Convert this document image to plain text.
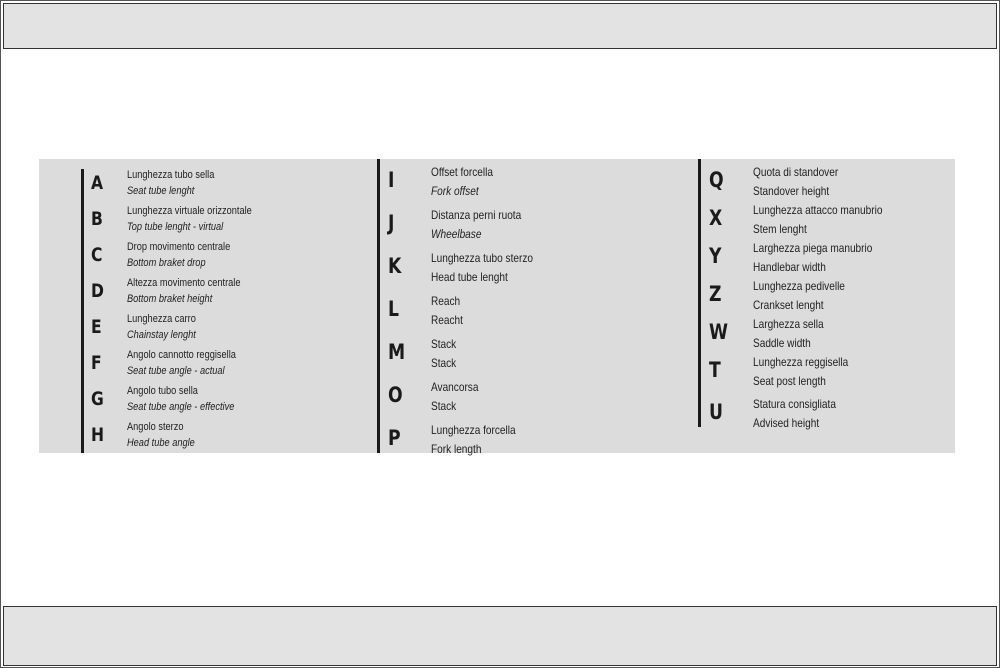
A Lunghezza tubo sella
Seat tube lenght
B Lunghezza virtuale orizzontale
Top tube lenght - virtual
C Drop movimento centrale
Bottom braket drop
D Altezza movimento centrale
Bottom braket height
E Lunghezza carro
Chainstay lenght
F Angolo cannotto reggisella
Seat tube angle - actual
G Angolo tubo sella
Seat tube angle - effective
H Angolo sterzo
Head tube angle
I	Offset forcella
Fork offset
J	Distanza perni ruota
Wheelbase
K Lunghezza tubo sterzo
Head tube lenght
L	Reach
Reacht
M Stack
Stack
O Avancorsa
Stack
P	Lunghezza forcella
Fork length
Q Quota di standover
Standover height
X	Lunghezza attacco manubrio
Stem lenght
Y	Larghezza piega manubrio
Handlebar width
Z	Lunghezza pedivelle
Crankset lenght
W Larghezza sella
Saddle width
T	Lunghezza reggisella
Seat post length
U	Statura consigliata
Advised height
